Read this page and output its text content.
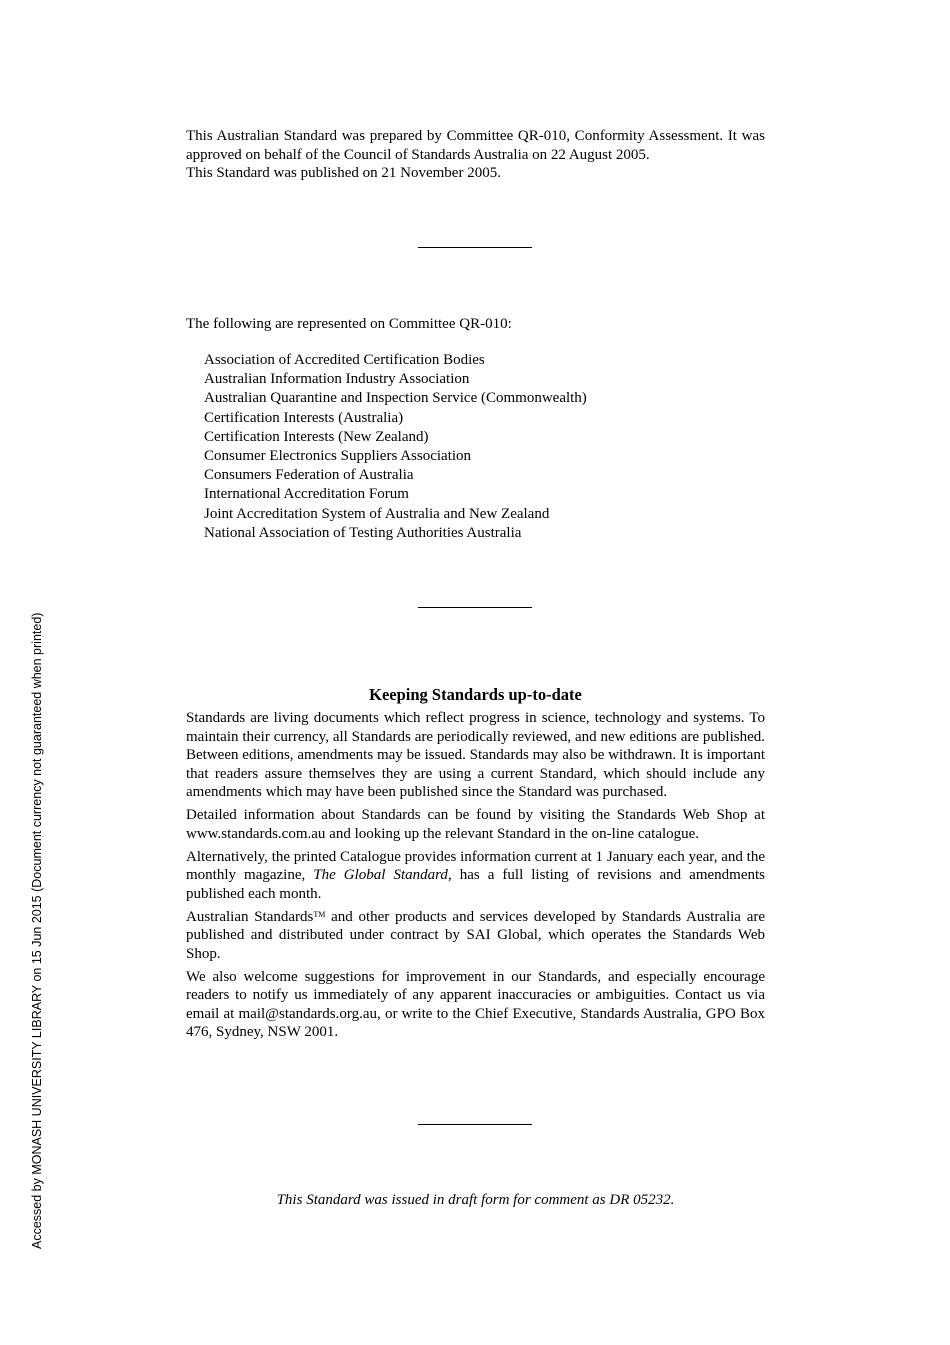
This Australian Standard was prepared by Committee QR-010, Conformity Assessment. It was approved on behalf of the Council of Standards Australia on 22 August 2005.

This Standard was published on 21 November 2005.

The following are represented on Committee QR-010:
Association of Accredited Certification Bodies
Australian Information Industry Association
Australian Quarantine and Inspection Service (Commonwealth)
Certification Interests (Australia)
Certification Interests (New Zealand)
Consumer Electronics Suppliers Association
Consumers Federation of Australia
International Accreditation Forum
Joint Accreditation System of Australia and New Zealand
National Association of Testing Authorities Australia
Keeping Standards up-to-date

Standards are living documents which reflect progress in science, technology and systems. To maintain their currency, all Standards are periodically reviewed, and new editions are published. Between editions, amendments may be issued. Standards may also be withdrawn. It is important that readers assure themselves they are using a current Standard, which should include any amendments which may have been published since the Standard was purchased.

Detailed information about Standards can be found by visiting the Standards Web Shop at www.standards.com.au and looking up the relevant Standard in the on-line catalogue.

Alternatively, the printed Catalogue provides information current at 1 January each year, and the monthly magazine, The Global Standard, has a full listing of revisions and amendments published each month.

Australian Standards™ and other products and services developed by Standards Australia are published and distributed under contract by SAI Global, which operates the Standards Web Shop.

We also welcome suggestions for improvement in our Standards, and especially encourage readers to notify us immediately of any apparent inaccuracies or ambiguities. Contact us via email at mail@standards.org.au, or write to the Chief Executive, Standards Australia, GPO Box 476, Sydney, NSW 2001.

This Standard was issued in draft form for comment as DR 05232.
Accessed by MONASH UNIVERSITY LIBRARY on 15 Jun 2015 (Document currency not guaranteed when printed)
